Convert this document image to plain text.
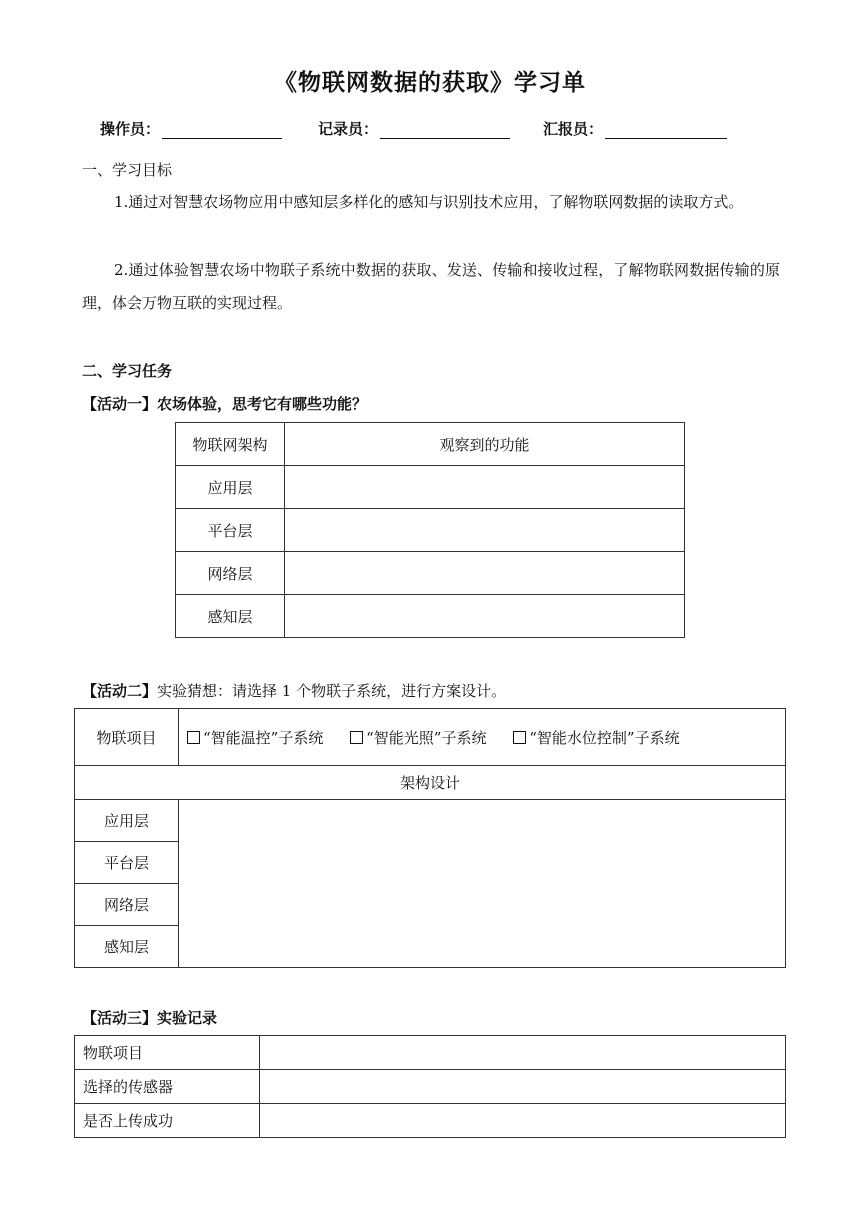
《物联网数据的获取》学习单
操作员：	记录员：	汇报员：
一、学习目标
1.通过对智慧农场物应用中感知层多样化的感知与识别技术应用，了解物联网数据的读取方式。
2.通过体验智慧农场中物联子系统中数据的获取、发送、传输和接收过程，了解物联网数据传输的原理，体会万物互联的实现过程。
二、学习任务
【活动一】农场体验，思考它有哪些功能？
物联网架构	观察到的功能
应用层	
平台层	
网络层	
感知层	
【活动二】实验猜想：请选择 1 个物联子系统，进行方案设计。
物联项目	“智能温控”子系统 “智能光照”子系统 “智能水位控制”子系统
架构设计	
应用层	
平台层	
网络层	
感知层	
【活动三】实验记录
物联项目	
选择的传感器	
是否上传成功	
